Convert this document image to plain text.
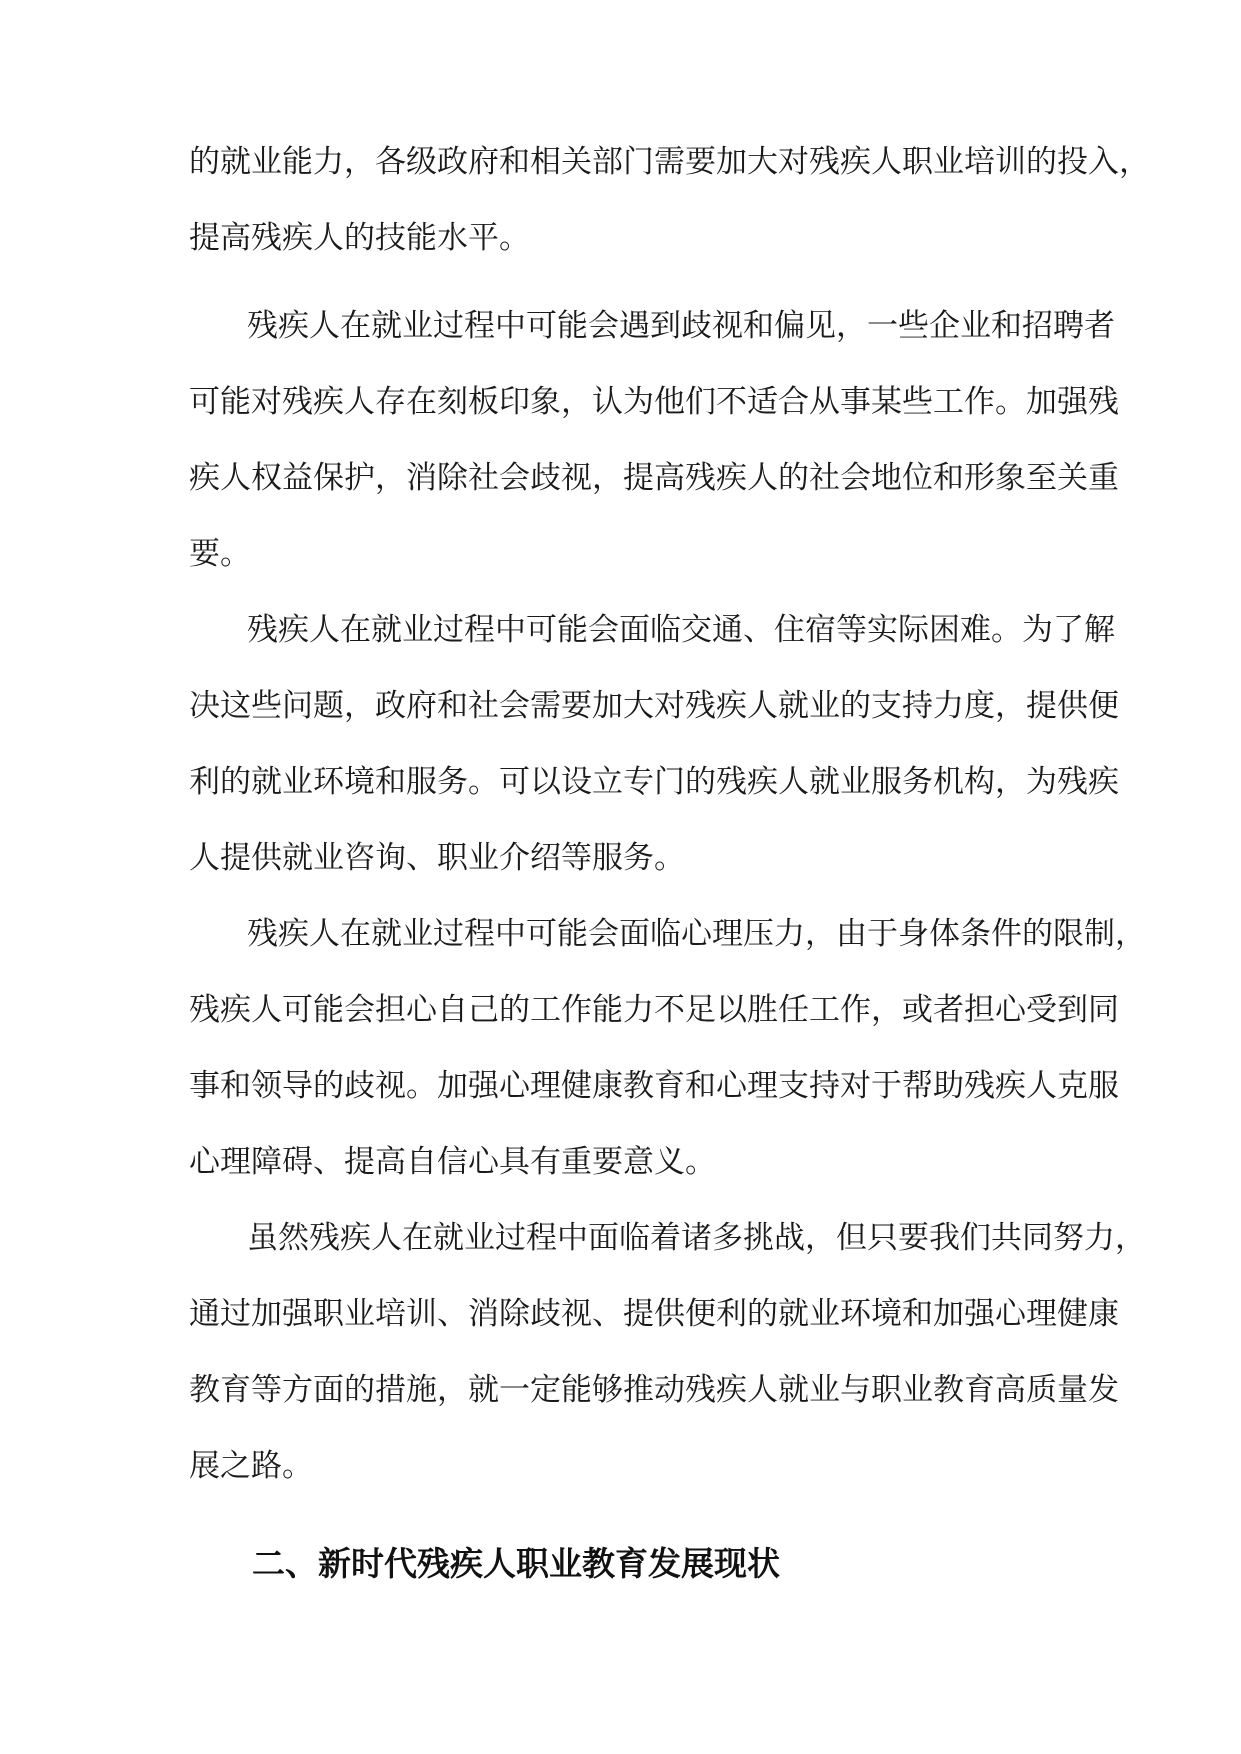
的就业能力，各级政府和相关部门需要加大对残疾人职业培训的投入，

提高残疾人的技能水平。

残疾人在就业过程中可能会遇到歧视和偏见，一些企业和招聘者

可能对残疾人存在刻板印象，认为他们不适合从事某些工作。加强残

疾人权益保护，消除社会歧视，提高残疾人的社会地位和形象至关重

要。

残疾人在就业过程中可能会面临交通、住宿等实际困难。为了解

决这些问题，政府和社会需要加大对残疾人就业的支持力度，提供便

利的就业环境和服务。可以设立专门的残疾人就业服务机构，为残疾

人提供就业咨询、职业介绍等服务。

残疾人在就业过程中可能会面临心理压力，由于身体条件的限制，

残疾人可能会担心自己的工作能力不足以胜任工作，或者担心受到同

事和领导的歧视。加强心理健康教育和心理支持对于帮助残疾人克服

心理障碍、提高自信心具有重要意义。

虽然残疾人在就业过程中面临着诸多挑战，但只要我们共同努力，

通过加强职业培训、消除歧视、提供便利的就业环境和加强心理健康

教育等方面的措施，就一定能够推动残疾人就业与职业教育高质量发

展之路。

二、新时代残疾人职业教育发展现状
